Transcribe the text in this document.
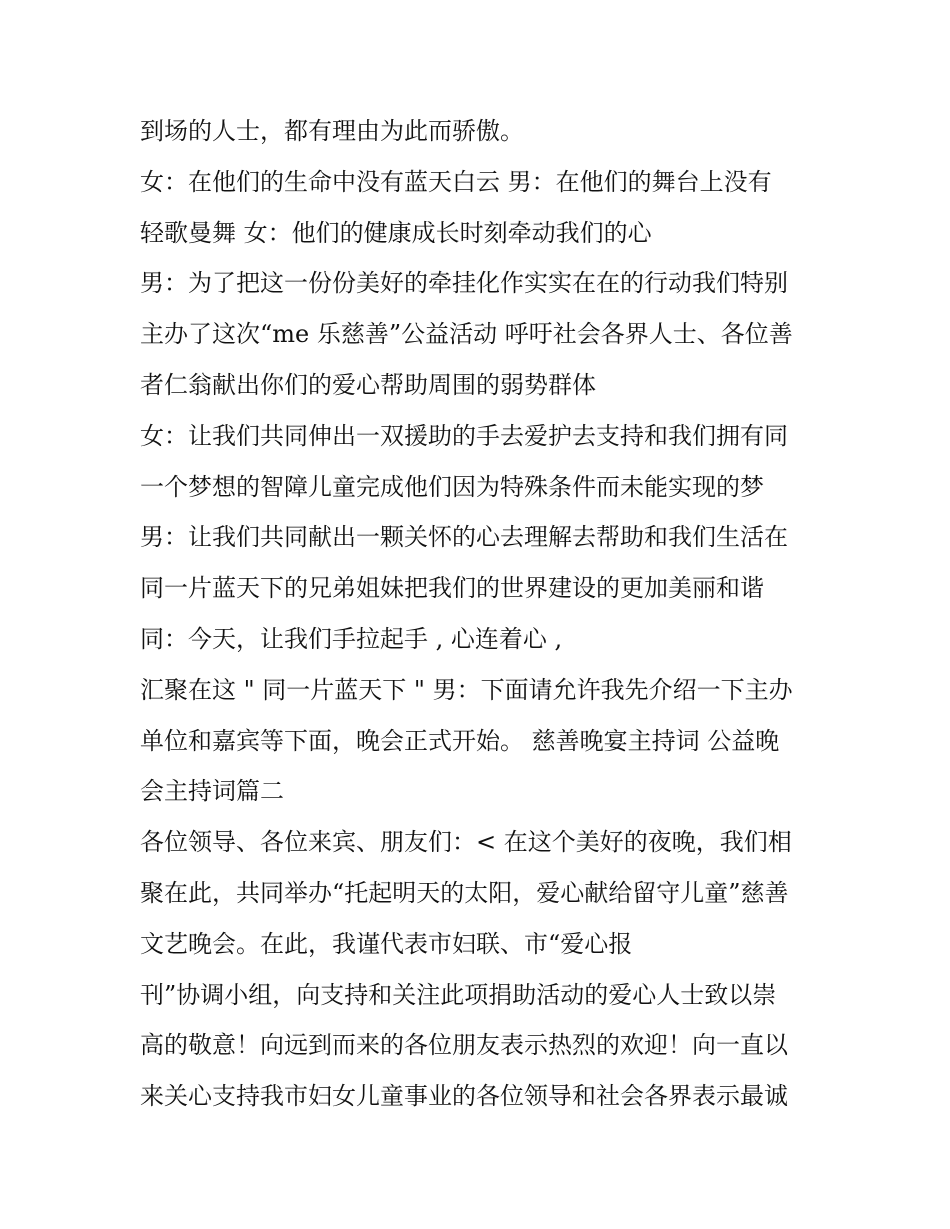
到场的人士，都有理由为此而骄傲。
女：在他们的生命中没有蓝天白云 男：在他们的舞台上没有
轻歌曼舞 女：他们的健康成长时刻牵动我们的心
男：为了把这一份份美好的牵挂化作实实在在的行动我们特别
主办了这次“me 乐慈善”公益活动 呼吁社会各界人士、各位善
者仁翁献出你们的爱心帮助周围的弱势群体
女：让我们共同伸出一双援助的手去爱护去支持和我们拥有同
一个梦想的智障儿童完成他们因为特殊条件而未能实现的梦
男：让我们共同献出一颗关怀的心去理解去帮助和我们生活在
同一片蓝天下的兄弟姐妹把我们的世界建设的更加美丽和谐
同：今天，让我们手拉起手 , 心连着心 ,
汇聚在这 " 同一片蓝天下 " 男：下面请允许我先介绍一下主办
单位和嘉宾等下面，晚会正式开始。 慈善晚宴主持词 公益晚
会主持词篇二
各位领导、各位来宾、朋友们：< 在这个美好的夜晚，我们相
聚在此，共同举办“托起明天的太阳，爱心献给留守儿童”慈善
文艺晚会。在此，我谨代表市妇联、市“爱心报
刊”协调小组，向支持和关注此项捐助活动的爱心人士致以崇
高的敬意！向远到而来的各位朋友表示热烈的欢迎！向一直以
来关心支持我市妇女儿童事业的各位领导和社会各界表示最诚
